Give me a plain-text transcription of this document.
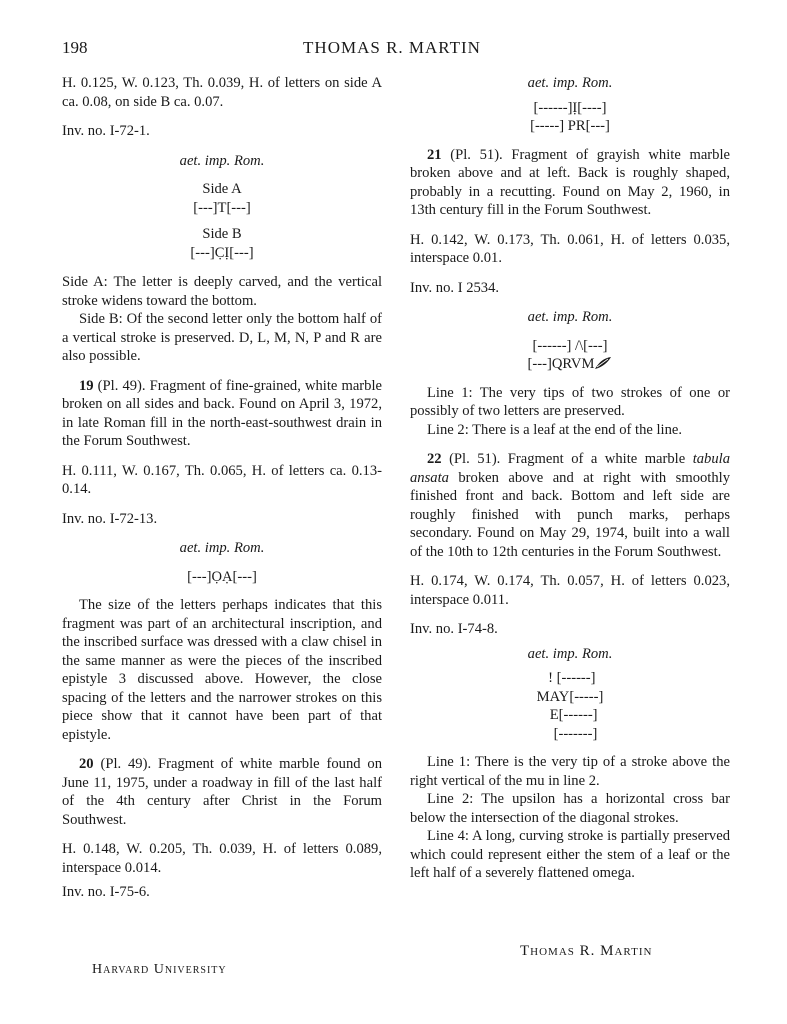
198	THOMAS R. MARTIN

H. 0.125, W. 0.123, Th. 0.039, H. of letters on side A ca. 0.08, on side B ca. 0.07.

Inv. no. I-72-1.

aet. imp. Rom.

Side A
[---]T[---]
Side B
[---]C̣Ị[---]

Side A: The letter is deeply carved, and the vertical stroke widens toward the bottom.

Side B: Of the second letter only the bottom half of a vertical stroke is preserved. D, L, M, N, P and R are also possible.

19 (Pl. 49). Fragment of fine-grained, white marble broken on all sides and back. Found on April 3, 1972, in late Roman fill in the north-east-southwest drain in the Forum Southwest.

H. 0.111, W. 0.167, Th. 0.065, H. of letters ca. 0.13-0.14.

Inv. no. I-72-13.

aet. imp. Rom.

[---]ỌẠ[---]

The size of the letters perhaps indicates that this fragment was part of an architectural inscription, and the inscribed surface was dressed with a claw chisel in the same manner as were the pieces of the inscribed epistyle 3 discussed above. However, the close spacing of the letters and the narrower strokes on this piece show that it cannot have been part of that epistyle.

20 (Pl. 49). Fragment of white marble found on June 11, 1975, under a roadway in fill of the last half of the 4th century after Christ in the Forum Southwest.

H. 0.148, W. 0.205, Th. 0.039, H. of letters 0.089, interspace 0.014.

Inv. no. I-75-6.

Harvard University

aet. imp. Rom.

[------]Ị[----]
[-----] PR[---]

21 (Pl. 51). Fragment of grayish white marble broken above and at left. Back is roughly shaped, probably in a recutting. Found on May 2, 1960, in 13th century fill in the Forum Southwest.

H. 0.142, W. 0.173, Th. 0.061, H. of letters 0.035, interspace 0.01.

Inv. no. I 2534.

aet. imp. Rom.

[------] /\[---]
[---]QRVM

Line 1: The very tips of two strokes of one or possibly of two letters are preserved.

Line 2: There is a leaf at the end of the line.

22 (Pl. 51). Fragment of a white marble tabula ansata broken above and at right with smoothly finished front and back. Bottom and left side are roughly finished with punch marks, perhaps secondary. Found on May 29, 1974, built into a wall of the 10th to 12th centuries in the Forum Southwest.

H. 0.174, W. 0.174, Th. 0.057, H. of letters 0.023, interspace 0.011.

Inv. no. I-74-8.

aet. imp. Rom.

! [------]
MAY[-----]
E[------]
[-------]

Line 1: There is the very tip of a stroke above the right vertical of the mu in line 2.

Line 2: The upsilon has a horizontal cross bar below the intersection of the diagonal strokes.

Line 4: A long, curving stroke is partially preserved which could represent either the stem of a leaf or the left half of a severely flattened omega.

Thomas R. Martin
